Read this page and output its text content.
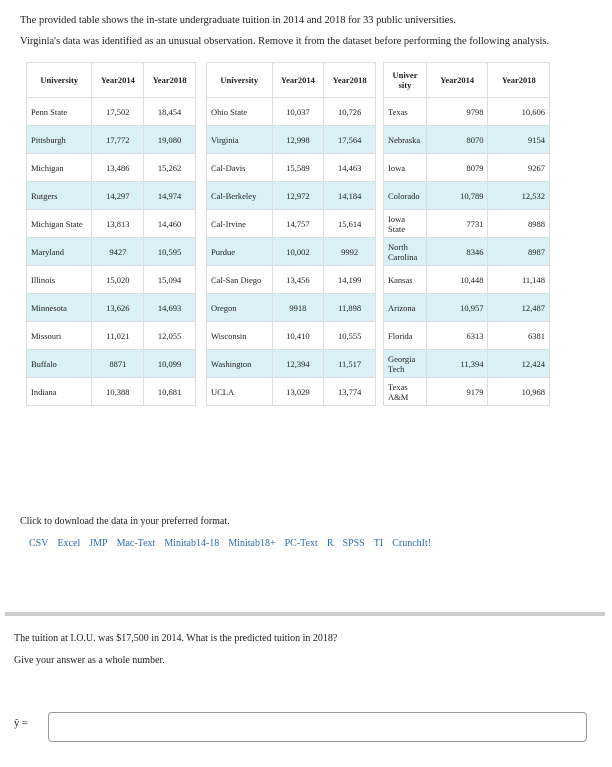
The provided table shows the in-state undergraduate tuition in 2014 and 2018 for 33 public universities.

Virginia's data was identified as an unusual observation. Remove it from the dataset before performing the following analysis.

University	Year2014	Year2018
Penn State	17,502	18,454
Pittsburgh	17,772	19,080
Michigan	13,486	15,262
Rutgers	14,297	14,974
Michigan State	13,813	14,460
Maryland	9427	10,595
Illinois	15,020	15,094
Minnesota	13,626	14,693
Missouri	11,021	12,055
Buffalo	8871	10,099
Indiana	10,388	10,681
University	Year2014	Year2018
Ohio State	10,037	10,726
Virginia	12,998	17,564
Cal-Davis	15,589	14,463
Cal-Berkeley	12,972	14,184
Cal-Irvine	14,757	15,614
Purdue	10,002	9992
Cal-San Diego	13,456	14,199
Oregon	9918	11,898
Wisconsin	10,410	10,555
Washington	12,394	11,517
UCLA	13,029	13,774
Univer sity	Year2014	Year2018
Texas	9798	10,606
Nebraska	8070	9154
Iowa	8079	9267
Colorado	10,789	12,532
Iowa State	7731	8988
North Carolina	8346	8987
Kansas	10,448	11,148
Arizona	10,957	12,487
Florida	6313	6381
Georgia Tech	11,394	12,424
Texas A&M	9179	10,968
Click to download the data in your preferred format.
CSV Excel JMP Mac-Text Minitab14-18 Minitab18+ PC-Text R SPSS TI CrunchIt!

The tuition at I.O.U. was $17,500 in 2014. What is the predicted tuition in 2018?

Give your answer as a whole number.

ŷ =
